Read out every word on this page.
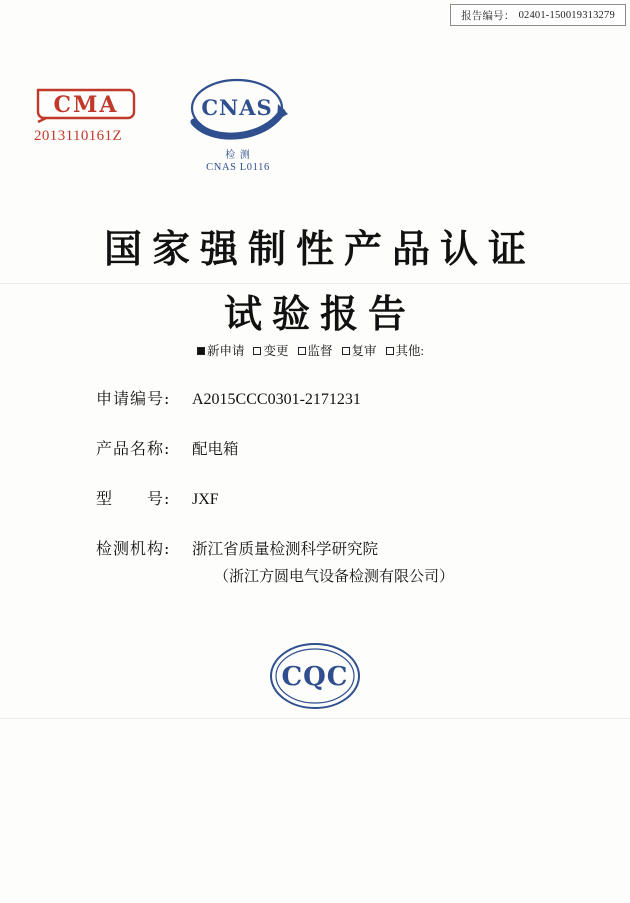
报告编号： 02401-150019313279
CMA
2013110161Z
CNAS
检 测
CNAS L0116
国家强制性产品认证
试验报告
新申请 变更 监督 复审 其他:
申请编号:	A2015CCC0301-2171231
产品名称:	配电箱
型　　号:	JXF
检测机构:	浙江省质量检测科学研究院
（浙江方圆电气设备检测有限公司）
CQC
